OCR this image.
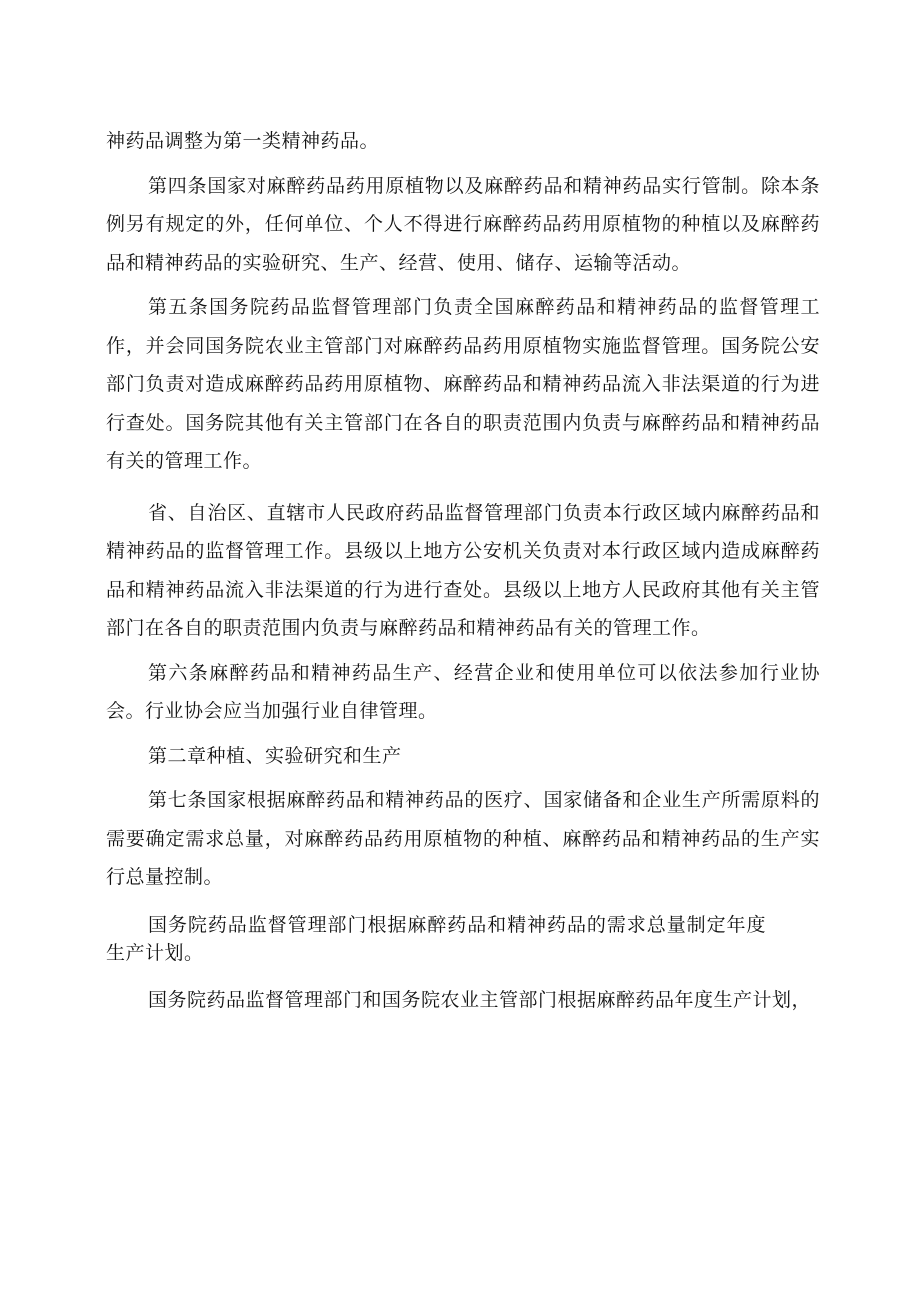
神药品调整为第一类精神药品。

第四条国家对麻醉药品药用原植物以及麻醉药品和精神药品实行管制。除本条例另有规定的外，任何单位、个人不得进行麻醉药品药用原植物的种植以及麻醉药品和精神药品的实验研究、生产、经营、使用、储存、运输等活动。

第五条国务院药品监督管理部门负责全国麻醉药品和精神药品的监督管理工作，并会同国务院农业主管部门对麻醉药品药用原植物实施监督管理。国务院公安部门负责对造成麻醉药品药用原植物、麻醉药品和精神药品流入非法渠道的行为进行查处。国务院其他有关主管部门在各自的职责范围内负责与麻醉药品和精神药品有关的管理工作。

省、自治区、直辖市人民政府药品监督管理部门负责本行政区域内麻醉药品和精神药品的监督管理工作。县级以上地方公安机关负责对本行政区域内造成麻醉药品和精神药品流入非法渠道的行为进行查处。县级以上地方人民政府其他有关主管部门在各自的职责范围内负责与麻醉药品和精神药品有关的管理工作。

第六条麻醉药品和精神药品生产、经营企业和使用单位可以依法参加行业协会。行业协会应当加强行业自律管理。

第二章种植、实验研究和生产

第七条国家根据麻醉药品和精神药品的医疗、国家储备和企业生产所需原料的需要确定需求总量，对麻醉药品药用原植物的种植、麻醉药品和精神药品的生产实行总量控制。

国务院药品监督管理部门根据麻醉药品和精神药品的需求总量制定年度生产计划。

国务院药品监督管理部门和国务院农业主管部门根据麻醉药品年度生产计划，
